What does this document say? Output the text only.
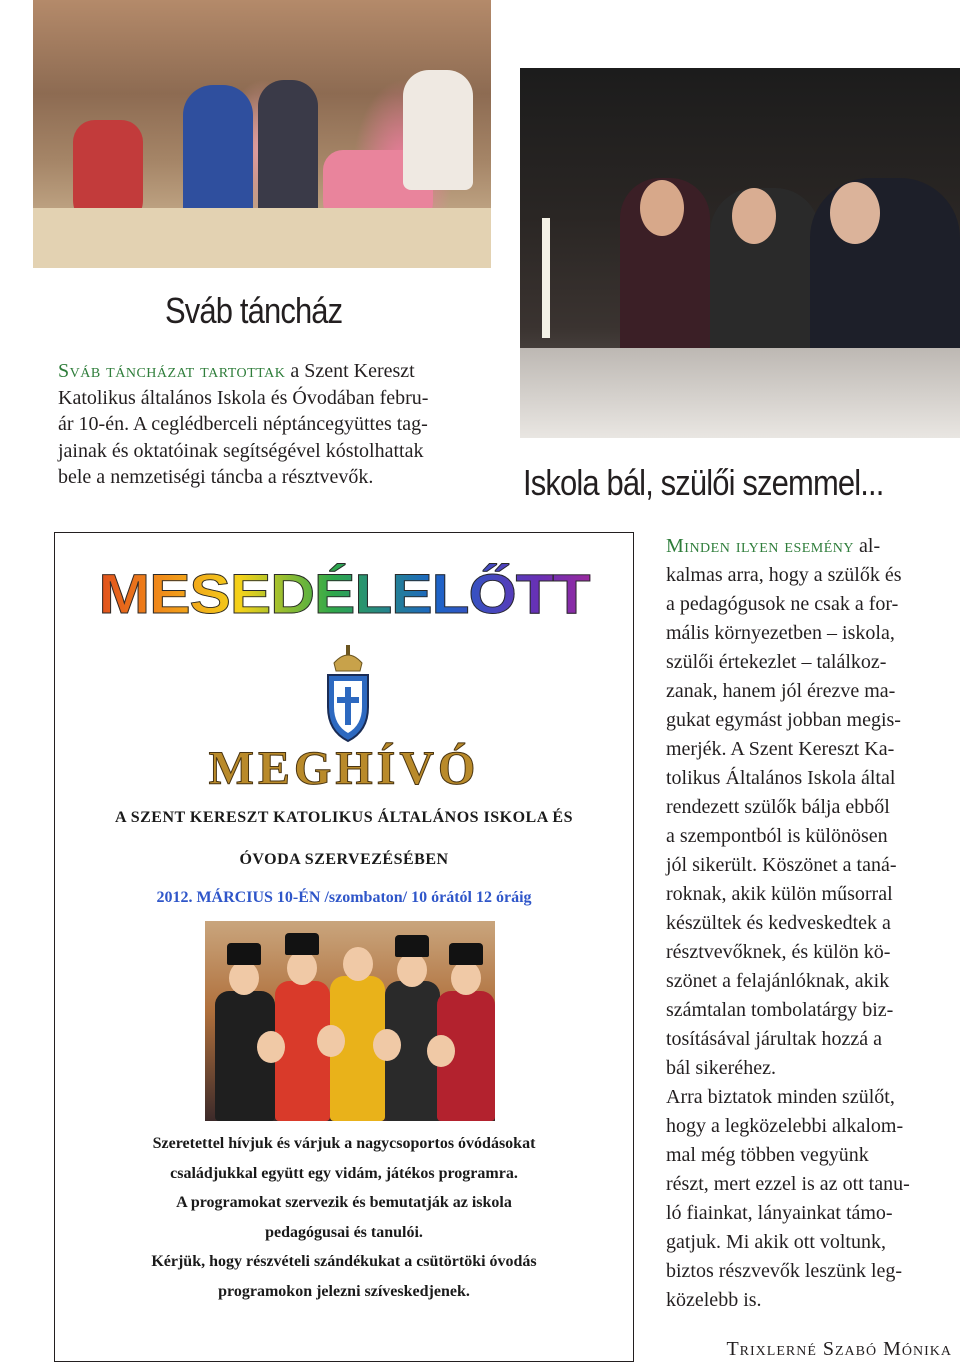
Sváb táncház
Sváb táncházat tartottak a Szent Kereszt
Katolikus általános Iskola és Óvodában febru-
ár 10-én. A ceglédberceli néptáncegyüttes tag-
jainak és oktatóinak segítségével kóstolhattak
bele a nemzetiségi táncba a résztvevők.	Iskola bál, szülői szemmel...
Minden ilyen esemény al-
kalmas arra, hogy a szülők és
a pedagógusok ne csak a for-
mális környezetben – iskola,
szülői értekezlet – találkoz-
zanak, hanem jól érezve ma-
gukat egymást jobban megis-
merjék. A Szent Kereszt Ka-
tolikus Általános Iskola által
rendezett szülők bálja ebből
a szempontból is különösen
jól sikerült. Köszönet a taná-
roknak, akik külön műsorral
készültek és kedveskedtek a
résztvevőknek, és külön kö-
szönet a felajánlóknak, akik
számtalan tombolatárgy biz-
tosításával járultak hozzá a
bál sikeréhez.
Arra biztatok minden szülőt,
hogy a legközelebbi alkalom-
mal még többen vegyünk
részt, mert ezzel is az ott tanu-
ló fiainkat, lányainkat támo-
gatjuk. Mi akik ott voltunk,
biztos részvevők leszünk leg-
közelebb is.
Trixlerné Szabó Mónika
MESEDÉLELŐTT
MEGHÍVÓ
A SZENT KERESZT KATOLIKUS ÁLTALÁNOS ISKOLA ÉS
ÓVODA SZERVEZÉSÉBEN
2012. MÁRCIUS 10-ÉN /szombaton/ 10 órától 12 óráig
Szeretettel hívjuk és várjuk a nagycsoportos óvódásokat
családjukkal együtt egy vidám, játékos programra.
A programokat szervezik és bemutatják az iskola
pedagógusai és tanulói.
Kérjük, hogy részvételi szándékukat a csütörtöki óvodás
programokon jelezni szíveskedjenek.
